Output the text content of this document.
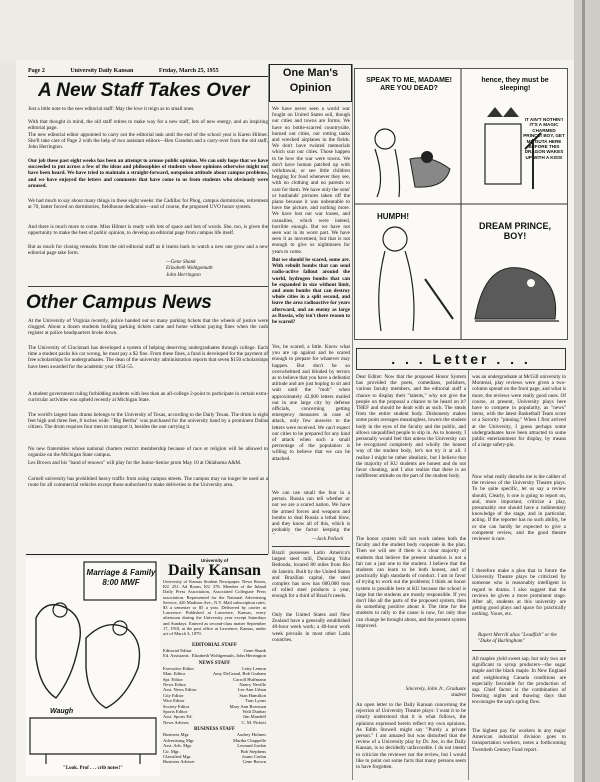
Page 2	University Daily Kansan	Friday, March 25, 1955
A New Staff Takes Over
Just a little note to the new editorial staff: May the love it reign as to small ones.
With that thought in mind, the old staff retires to make way for a new staff, lots of new energy, and an inspiring editorial page.
The new editorial editor appointed to carry out the editorial task until the end of the school year is Karen Hilmer. She'll take care of Page 2 with the help of two assistant editors—Ben Grandon and a carry-over from the old staff, John Herrington.
Our job these past eight weeks has been an attempt to arouse public opinion. We can only hope that we have succeeded to put across a few of the ideas and philosophies of students whose opinions otherwise might not have been heard. We have tried to maintain a straight-forward, outspoken attitude about campus problems, and we have enjoyed the letters and comments that have come to us from students who obviously were aroused.
We had much to say about many things in these eight weeks: the Cadillac for Phog, campus dormitories, retirement at 70, batter forced on dormitories, fieldhouse dedication—and of course, the proposed UVO honor system.
And there is much more to come. Miss Hilmer is ready with lots of space and lots of words. She, too, is given the opportunity to make the best of public opinion, to develop an editorial page from campus life itself.
But as much for closing remarks from the old editorial staff as it learns back to watch a new one grow and a new editorial page take form.
—Gene Shank
Elizabeth Wohlgemuth
John Herrington
Other Campus News
At the University of Virginia recently, police handed out so many parking tickets that the wheels of justice were clogged. About a dozen students holding parking tickets came and home without paying fines when the cash register at police headquarters broke down.
The University of Cincinnati has developed a system of helping deserving undergraduates through college. Each time a student packs his car wrong, he must pay a $2 fine. From these fines, a fund is developed for the payment of free scholarships for undergraduates. The dean of the university administration reports that seven $150 scholarships have been awarded for the academic year 1954-55.
A student government ruling forbidding students with less than an all-college 2-point to participate in certain extra-curricular activities was upheld recently at Michigan State.
The world's largest bass drums belongs to the University of Texas, according to the Daily Texan. The drum is eight feet high and three feet, 8 inches wide. "Big Bertha" was purchased for the university band by a prominent Dallas citizen. The drum requires four men to transport it, besides the one carrying it.
No new fraternities whose national charters restrict membership because of race or religion will be allowed to organize on the Michigan State campus.
Les Brown and his "band of renown" will play for the Junior-Senior prom May 10 at Oklahoma A&M.
Cornell university has prohibited heavy traffic from using campus streets. The campus may no longer be used as a route for all commercial vehicles except those authorized to make deliveries to the University area.
One Man's
Opinion
We have never seen a world war fought on United States soil, though our cities and towns are forms. We have no bottle-scarred countryside, burned out cities, our rotting tanks and wrecked airplanes in the fields. We don't have twisted memorials which scar our cities. Those happen to be how the war were towns. We don't have human patched up with withdrawal, or see little children begging for food whenever they see, with no clothing and no parents to care for them. We have only the sons' or husbands' pictures taken off the piano because it was unbearable to have the picture, and nothing more. We have lost our war losses, and casualties, which were indeed, horrible enough. But we have not seen war in its worst part. We have seen it as movement, but that is not enough to give us nightmares for years to come.
But we should be scared, some are. With rebuilt bombs that can send radio-active fallout around the world, hydrogen bombs that can be expanded in size without limit, and atom bombs that can destroy whole cities in a split second, and leave the area radioactive for years afterward, and an enemy as large as Russia, why isn't there reason to be scared?
Yes, be scared, a little. Know what you are up against and be scared enough to prepare for whatever may happen. But don't be so overwhelmed and blinded by terrors as to believe that you have a defeatist attitude and are just hoping to sit and wait until the "mob" when approximately 42,000 letters mailed out in one large city by defense officials, concerning getting emergency measures in case of attack, only few answers to the letters were received. We can't expect our cities to be prepared for any kind of attack when such a small percentage of the population is willing to believe that we can be attacked.
We can use small the fear in a person. Russia can tell whether or not we are a scared nation. We have the armed forces and weapons and bombs to deal Russia a lethal blow, and they know all of this, which is probably the factor keeping the
—Jack Pollock
Brazil possesses Latin America's largest steel mill, Dunning Volta Redonda, located 80 miles from Rio de Janeiro. Built by the United States and Brazilian capital, the steel complex has now has 600,000 tons of rolled steel products a year, enough for a third of Brazil's needs.
Only the United States and New Zealand have a generally established 40-hour week work; a 40-hour work week prevails in most other Latin countries.
SPEAK TO ME, MADAME! ARE YOU DEAD?
hence, they must be sleeping!
IT AIN'T NOTHIN'! IT'S A MAGIC CHARMED PRINCE! BOY, GET ME OUTA HERE BEFORE THIS DRAGON WAKES UP WITH A KISS!
HUMPH!
DREAM PRINCE, BOY!
. . . Letter . . .
Dear Editor: Now that the proposed Honor System has provided the poets, comedians, polishers, various faculty members, and the editorial staff a chance to display their "talents," why not give the people on the proposal a chance to be heard on it? THEF and should be dealt with as such. The steals from the entire student body. Dishonesty makes some point averages meaningless, lowers the student body in the eyes of the faculty and the public, and allows unqualified people to slip in. As to honesty, I personally would feel that unless the University can be recognized completely and wholly the honest way of the student body, let's not try it at all. I realize I might be rather idealistic, but I believe that the majority of KU students are honest and do not favor cheating, and I also realize that there is an indifferent attitude on the part of the student body.
The honor system will not work unless both the faculty and the student body cooperate in the plan. Then we will see if there is a clear majority of students that believe the present situation is not a fair nor a just one to the student. I believe that the students can learn to be both honest, and of practically high standards of conduct. I am in favor of trying to work out the problems; I think an honor system is possible here at KU because the school is large but the students are mostly responsible. If you don't like all the parts of the proposed system, then do something positive about it. The time for the students to rally to the cause is now, for only thus can change be brought about, and the present system improved.
Sincerely, John Jr., Graduate student
An open letter to the Daily Kansan concerning the rejection of University Theatre plays: I want it to be clearly understood that it is what follows, the opinions expressed herein reflect my own opinions. As Edith Stowell might say "Purely a private person." I am amazed but was disturbed that the review of a University play by Dr. Joe, in the Daily Kansan, is so decidedly unfavorable. I do not intend to criticize the reviewer nor the review, but I would like to point out some facts that many persons seem to have forgotten.
was an undergraduate at McGill university in Montreal, play reviews were given a two-column spread on the front page, and what is more, the reviews were really good ones. Of course, at present, University plays here have to compete in popularity, as "news" items, with the latest Basketball Team score or a Sorority "pinning." When I first arrived at the University, I guess perhaps some undergraduates have been attracted to some public entertainment for display, by means of a large safety-pin.
Now what really disturbs me is the caliber of the reviews of the University Theatre plays. To be quite specific, let us say a review should, Clearly, it one is going to report on, and, more important, criticize a play, presumably one should have a rudimentary knowledge of the stage, and in particular, acting. If the reporter has no such ability, he or she can hardly be expected to give a competent review, and the good theatre reviewer is rare.
I therefore make a plea that in future the University Theatre plays be criticized by someone who is reasonably intelligent in regard to drama. I also suggest that the reviews be given a more prominent stage. After all, students at this university are getting good plays and space for practically nothing. Yours, etc.
Rupert Merrill alias "Leadfish" or the "Duke of Burlingham"
All maples yield sweet sap, but only two are significant to syrup producers—the sugar maple and the black maple. In New England and neighboring Canada conditions are especially favorable for the production of sap. Chief factor is the combination of freezing nights and thawing days that encourages the sap's spring flow.
The highest pay for workers in any major American industrial division goes to transportation workers, notes a forthcoming Twentieth Century Fund report.
Marriage & Family 8:00 MWF
Waugh
"Look. Prof . . . crib notes!"
University of
Daily Kansan
University of Kansas Student Newspaper. News Room, KU 251. Ad Room, KU 376. Member of the Inland Daily Press Association, Associated Collegiate Press association. Represented for the National Advertising Service, 420 Madison Ave., N.Y. Mail subscription rates: $3 a semester or $5 a year. Delivered by carrier at Lawrence. Published at Lawrence, Kansas, every afternoon during the University year except Saturdays and Sundays. Entered as second-class matter September 17, 1910, at the post office at Lawrence, Kansas, under act of March 3, 1879.
EDITORIAL STAFF
Editorial Editor	Gene Shank
Ed. Assistants Elizabeth Wohlgemuth, John Herrington
NEWS STAFF
Executive Editor	Letty Lemon
Man. Editor	Amy DeGrand, Bob Graham
Spt. Editor	Carroll Huffmann
News Editor	Nancy Neville
Asst. News Editor	Lee Ann Urban
City Editor	Stan Hamilton
Wire Editor	Tom Lyons
Society Editor	Mary Ann Bowman
Sports Editor	Walt Dunbar
Asst. Sports Ed.	Jim Mandell
News Adviser	C. M. Pickett
BUSINESS STAFF
Business Mgr.	Audrey Holmes
Advertising Mgr.	Martha Chappelle
Asst. Adv. Mgr.	Leonard Jordan
Cir. Mgr.	Bob Stephens
Classified Mgr.	Joann Carlan
Business Adviser	Gene Brown
